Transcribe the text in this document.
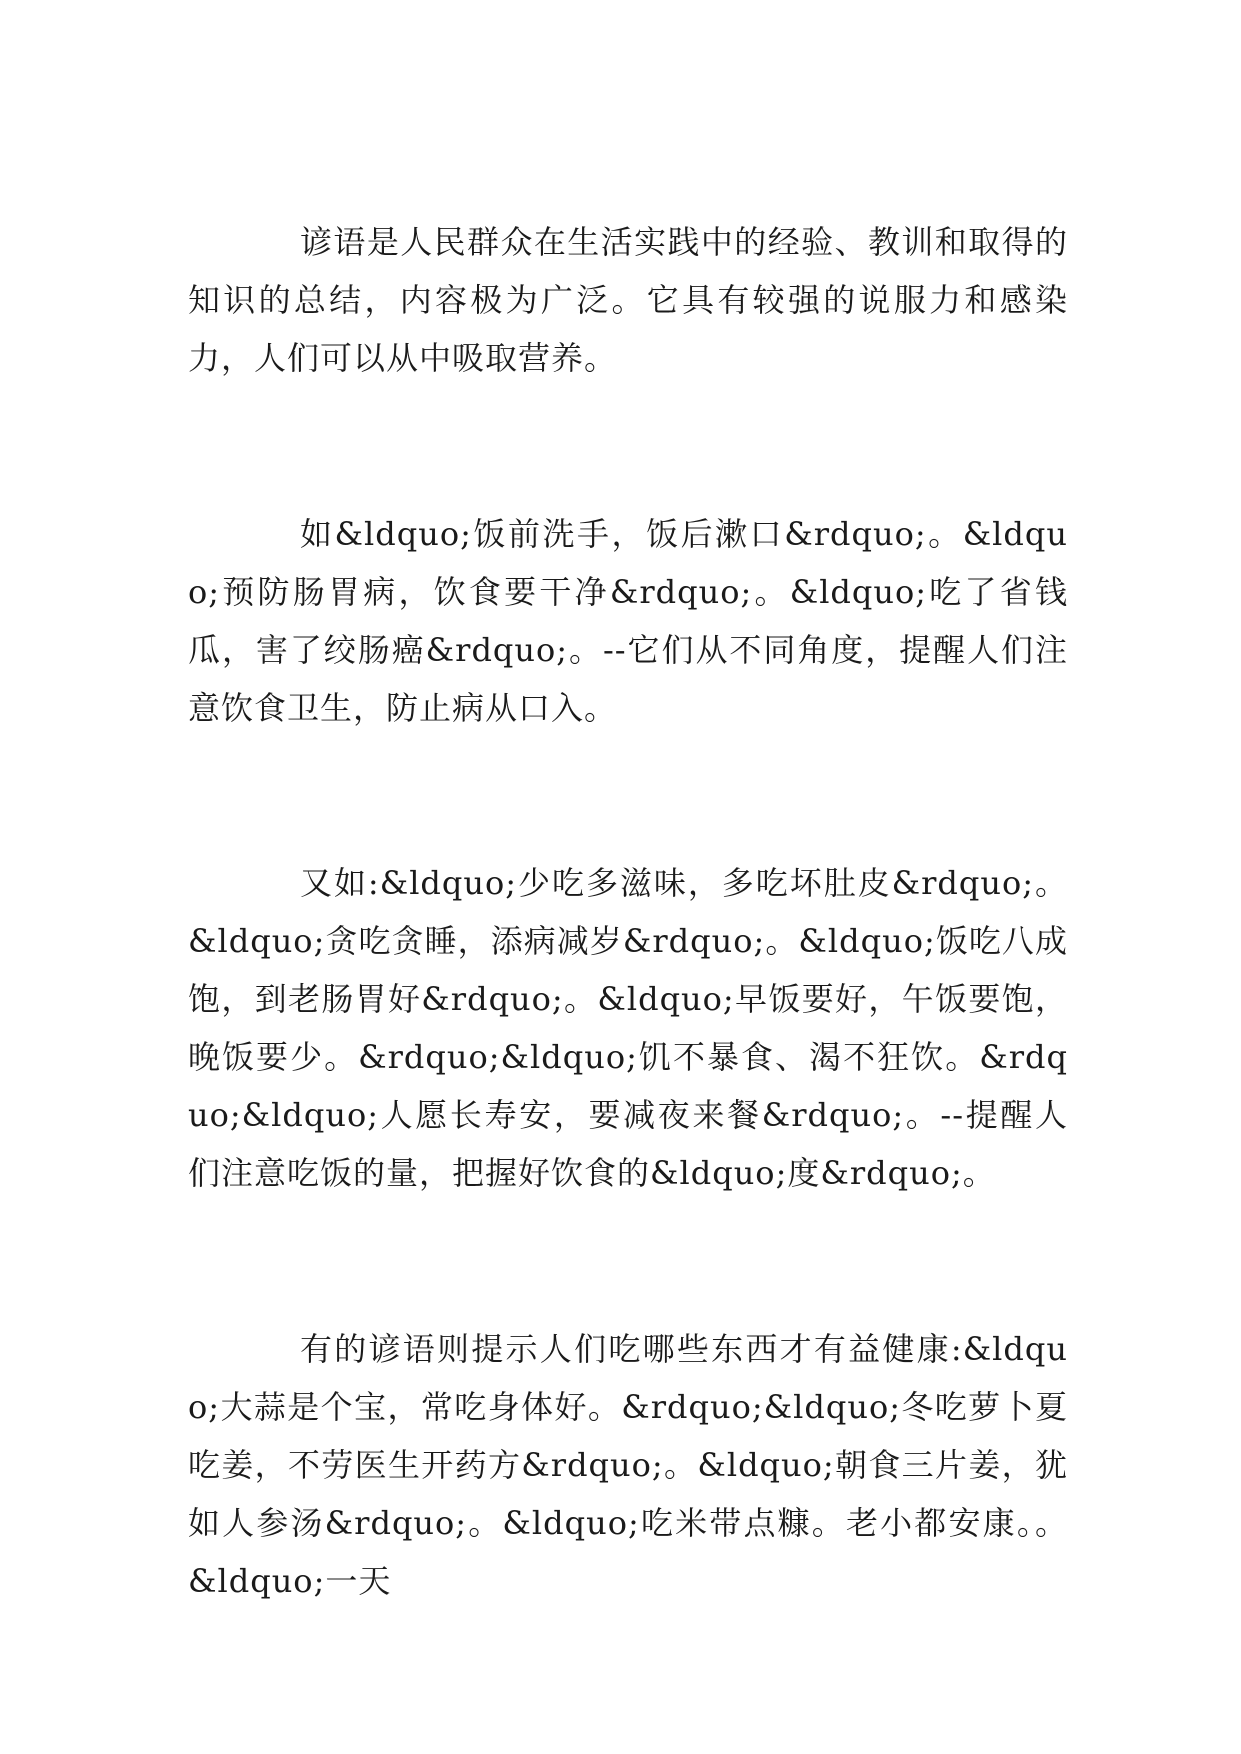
谚语是人民群众在生活实践中的经验、教训和取得的知识的总结，内容极为广泛。它具有较强的说服力和感染力，人们可以从中吸取营养。

如&ldquo;饭前洗手，饭后漱口&rdquo;。&ldquo;预防肠胃病，饮食要干净&rdquo;。&ldquo;吃了省钱瓜，害了绞肠癌&rdquo;。--它们从不同角度，提醒人们注意饮食卫生，防止病从口入。

又如:&ldquo;少吃多滋味，多吃坏肚皮&rdquo;。&ldquo;贪吃贪睡，添病减岁&rdquo;。&ldquo;饭吃八成饱，到老肠胃好&rdquo;。&ldquo;早饭要好，午饭要饱，晚饭要少。&rdquo;&ldquo;饥不暴食、渴不狂饮。&rdquo;&ldquo;人愿长寿安，要减夜来餐&rdquo;。--提醒人们注意吃饭的量，把握好饮食的&ldquo;度&rdquo;。

有的谚语则提示人们吃哪些东西才有益健康:&ldquo;大蒜是个宝，常吃身体好。&rdquo;&ldquo;冬吃萝卜夏吃姜，不劳医生开药方&rdquo;。&ldquo;朝食三片姜，犹如人参汤&rdquo;。&ldquo;吃米带点糠。老小都安康。。&ldquo;一天
